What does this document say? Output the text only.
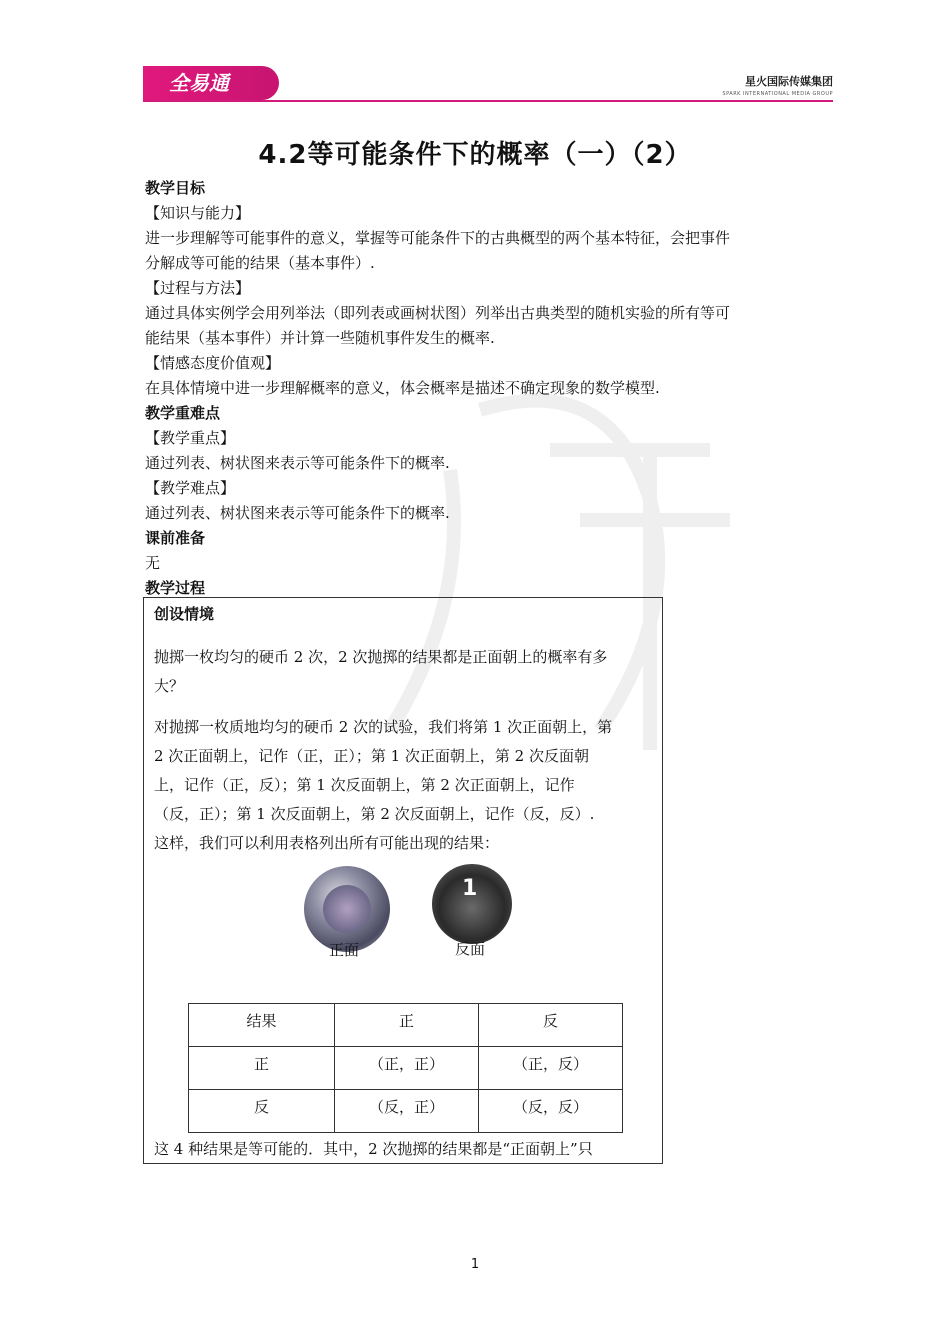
全易通	星火国际传媒集团
SPARK INTERNATIONAL MEDIA GROUP
4.2等可能条件下的概率（一）（2）
教学目标
【知识与能力】
进一步理解等可能事件的意义，掌握等可能条件下的古典概型的两个基本特征，会把事件
分解成等可能的结果（基本事件）.
【过程与方法】
通过具体实例学会用列举法（即列表或画树状图）列举出古典类型的随机实验的所有等可
能结果（基本事件）并计算一些随机事件发生的概率.
【情感态度价值观】
在具体情境中进一步理解概率的意义，体会概率是描述不确定现象的数学模型.
教学重难点
【教学重点】
通过列表、树状图来表示等可能条件下的概率.
【教学难点】
通过列表、树状图来表示等可能条件下的概率.
课前准备
无
教学过程
创设情境
抛掷一枚均匀的硬币 2 次，2 次抛掷的结果都是正面朝上的概率有多
大？
对抛掷一枚质地均匀的硬币 2 次的试验，我们将第 1 次正面朝上，第
2 次正面朝上，记作（正，正）；第 1 次正面朝上，第 2 次反面朝
上，记作（正，反）；第 1 次反面朝上，第 2 次正面朝上，记作
（反，正）；第 1 次反面朝上，第 2 次反面朝上，记作（反，反）.
这样，我们可以利用表格列出所有可能出现的结果：
1
正面	反面
结果	正	反
正	（正，正）	（正，反）
反	（反，正）	（反，反）
这 4 种结果是等可能的．其中，2 次抛掷的结果都是“正面朝上”只
1
